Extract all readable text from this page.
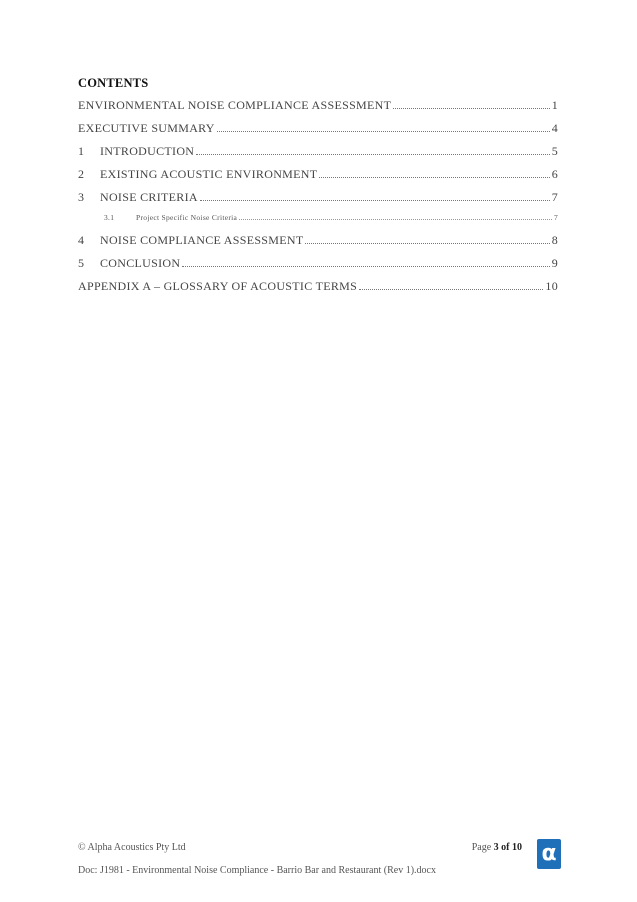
CONTENTS
ENVIRONMENTAL NOISE COMPLIANCE ASSESSMENT	1
EXECUTIVE SUMMARY	4
1	INTRODUCTION	5
2	EXISTING ACOUSTIC ENVIRONMENT	6
3	NOISE CRITERIA	7
3.1	Project Specific Noise Criteria	7
4	NOISE COMPLIANCE ASSESSMENT	8
5	CONCLUSION	9
APPENDIX A – GLOSSARY OF ACOUSTIC TERMS	10
© Alpha Acoustics Pty Ltd	Page 3 of 10
Doc: J1981 - Environmental Noise Compliance - Barrio Bar and Restaurant (Rev 1).docx
α
